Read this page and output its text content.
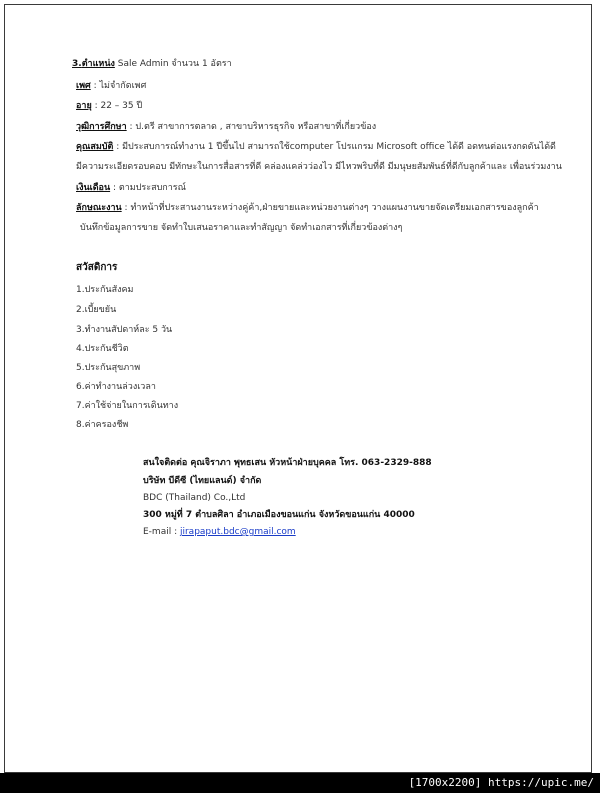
3.ตำแหน่ง Sale Admin จำนวน 1 อัตรา
เพศ : ไม่จำกัดเพศ
อายุ : 22 – 35 ปี
วุฒิการศึกษา : ป.ตรี สาขาการตลาด , สาขาบริหารธุรกิจ หรือสาขาที่เกี่ยวข้อง
คุณสมบัติ : มีประสบการณ์ทำงาน 1 ปีขึ้นไป สามารถใช้computer โปรแกรม Microsoft office ได้ดี อดทนต่อแรงกดดันได้ดี
มีความระเอียดรอบคอบ มีทักษะในการสื่อสารที่ดี คล่องแคล่วว่องไว มีไหวพริบที่ดี มีมนุษยสัมพันธ์ที่ดีกับลูกค้าและ เพื่อนร่วมงาน
เงินเดือน : ตามประสบการณ์
ลักษณะงาน : ทำหน้าที่ประสานงานระหว่างคู่ค้า,ฝ่ายขายและหน่วยงานต่างๆ วางแผนงานขายจัดเตรียมเอกสารของลูกค้า
บันทึกข้อมูลการขาย จัดทำใบเสนอราคาและทำสัญญา จัดทำเอกสารที่เกี่ยวข้องต่างๆ
สวัสดิการ
1.ประกันสังคม
2.เบี้ยขยัน
3.ทำงานสัปดาห์ละ 5 วัน
4.ประกันชีวิต
5.ประกันสุขภาพ
6.ค่าทำงานล่วงเวลา
7.ค่าใช้จ่ายในการเดินทาง
8.ค่าครองชีพ
สนใจติดต่อ คุณจิราภา พุทธเสน หัวหน้าฝ่ายบุคคล โทร. 063-2329-888
บริษัท บีดีซี (ไทยแลนด์) จำกัด
BDC (Thailand) Co.,Ltd
300 หมู่ที่ 7 ตำบลศิลา อำเภอเมืองขอนแก่น จังหวัดขอนแก่น 40000
E-mail : jirapaput.bdc@gmail.com
[1700x2200] https://upic.me/
